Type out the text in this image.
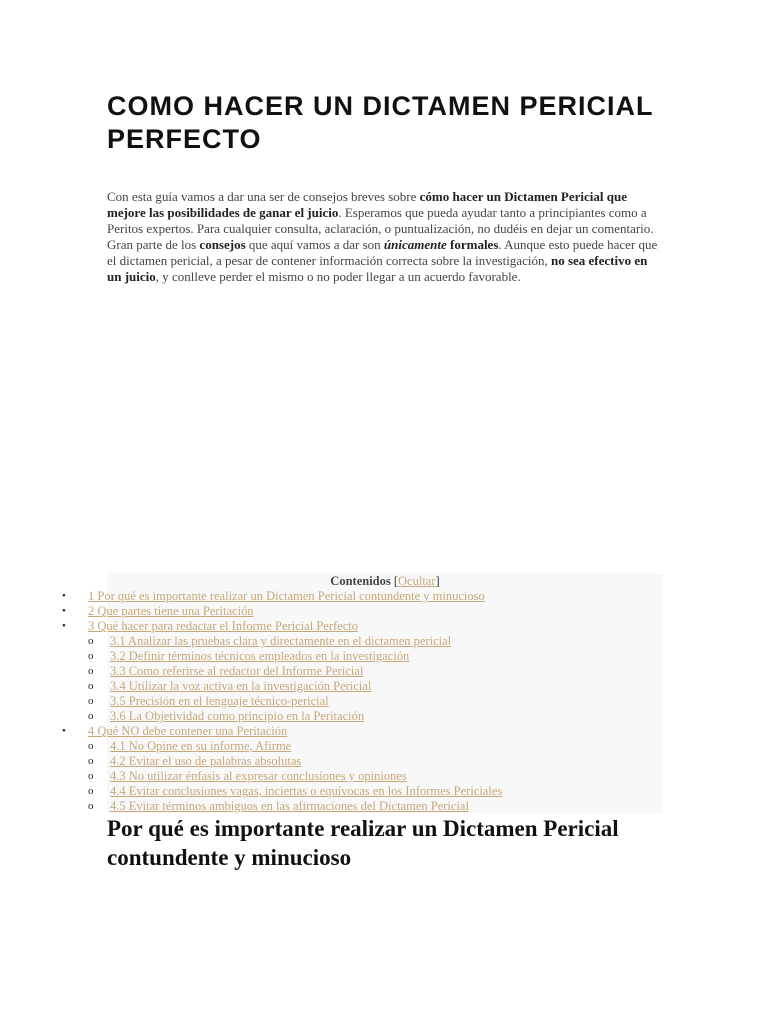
COMO HACER UN DICTAMEN PERICIAL PERFECTO

Con esta guía vamos a dar una ser de consejos breves sobre cómo hacer un Dictamen Pericial que mejore las posibilidades de ganar el juicio. Esperamos que pueda ayudar tanto a principiantes como a Peritos expertos. Para cualquier consulta, aclaración, o puntualización, no dudéis en dejar un comentario. Gran parte de los consejos que aquí vamos a dar son únicamente formales. Aunque esto puede hacer que el dictamen pericial, a pesar de contener información correcta sobre la investigación, no sea efectivo en un juicio, y conlleve perder el mismo o no poder llegar a un acuerdo favorable.

Contenidos [Ocultar]
• 1 Por qué es importante realizar un Dictamen Pericial contundente y minucioso
• 2 Que partes tiene una Peritación
• 3 Qué hacer para redactar el Informe Pericial Perfecto
o 3.1 Analizar las pruebas clara y directamente en el dictamen pericial
o 3.2 Definir términos técnicos empleados en la investigación
o 3.3 Como referirse al redactor del Informe Pericial
o 3.4 Utilizar la voz activa en la investigación Pericial
o 3.5 Precisión en el lenguaje técnico-pericial
o 3.6 La Objetividad como principio en la Peritación
• 4 Qué NO debe contener una Peritación
o 4.1 No Opine en su informe, Afirme
o 4.2 Evitar el uso de palabras absolutas
o 4.3 No utilizar énfasis al expresar conclusiones y opiniones
o 4.4 Evitar conclusiones vagas, inciertas o equívocas en los Informes Periciales
o 4.5 Evitar términos ambiguos en las afirmaciones del Dictamen Pericial
Por qué es importante realizar un Dictamen Pericial contundente y minucioso
